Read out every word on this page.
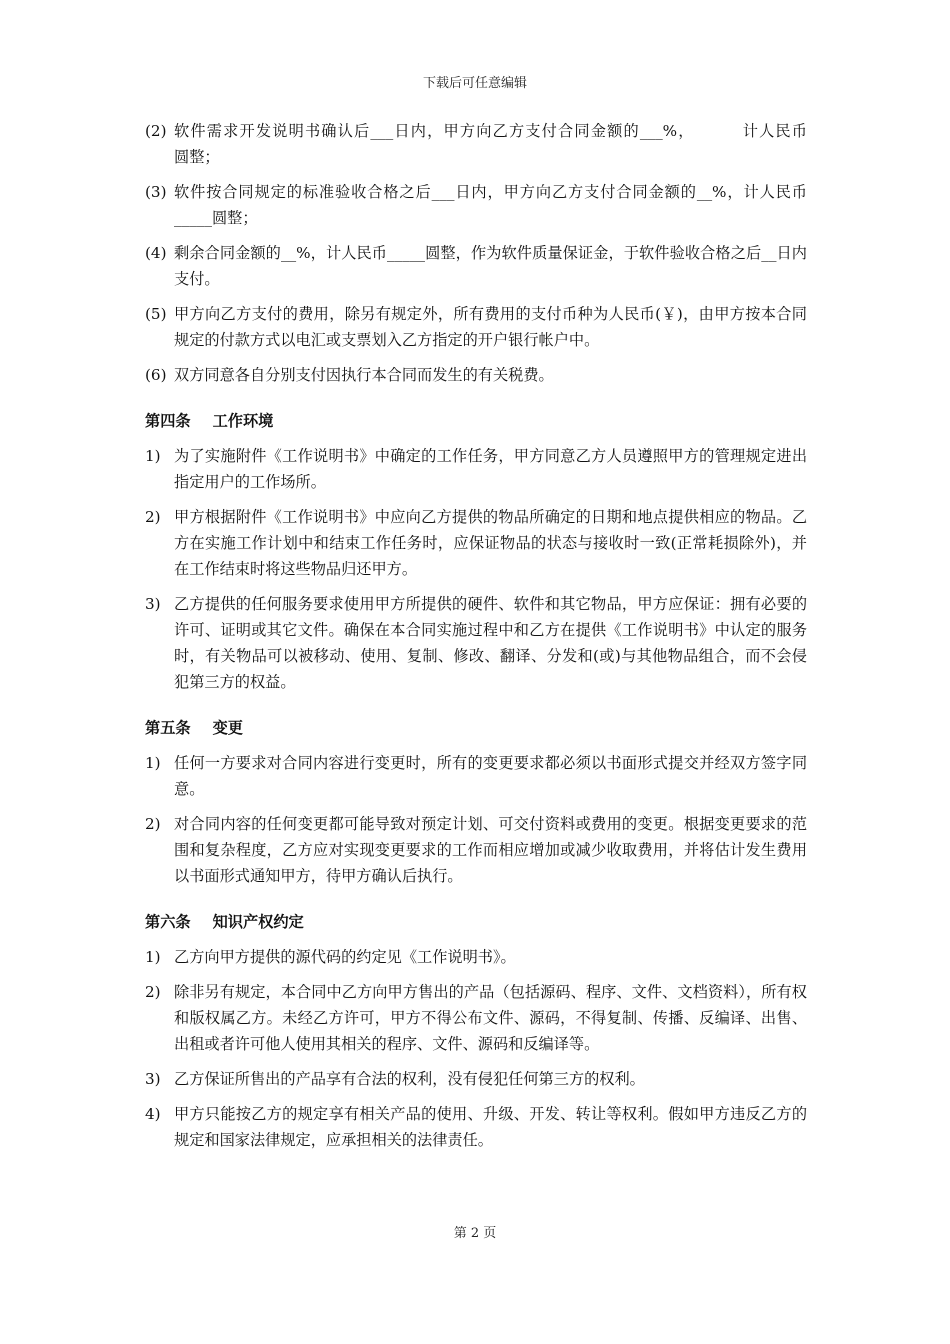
下载后可任意编辑
(2) 软件需求开发说明书确认后___日内，甲方向乙方支付合同金额的___%，        计人民币        圆整；
(3) 软件按合同规定的标准验收合格之后___日内，甲方向乙方支付合同金额的__%，计人民币_____圆整；
(4) 剩余合同金额的__%，计人民币_____圆整，作为软件质量保证金，于软件验收合格之后__日内支付。
(5) 甲方向乙方支付的费用，除另有规定外，所有费用的支付币种为人民币(￥)，由甲方按本合同规定的付款方式以电汇或支票划入乙方指定的开户银行帐户中。
(6) 双方同意各自分别支付因执行本合同而发生的有关税费。
第四条 工作环境
1) 为了实施附件《工作说明书》中确定的工作任务，甲方同意乙方人员遵照甲方的管理规定进出指定用户的工作场所。
2) 甲方根据附件《工作说明书》中应向乙方提供的物品所确定的日期和地点提供相应的物品。乙方在实施工作计划中和结束工作任务时，应保证物品的状态与接收时一致(正常耗损除外)，并在工作结束时将这些物品归还甲方。
3) 乙方提供的任何服务要求使用甲方所提供的硬件、软件和其它物品，甲方应保证：拥有必要的许可、证明或其它文件。确保在本合同实施过程中和乙方在提供《工作说明书》中认定的服务时，有关物品可以被移动、使用、复制、修改、翻译、分发和(或)与其他物品组合，而不会侵犯第三方的权益。
第五条 变更
1) 任何一方要求对合同内容进行变更时，所有的变更要求都必须以书面形式提交并经双方签字同意。
2) 对合同内容的任何变更都可能导致对预定计划、可交付资料或费用的变更。根据变更要求的范围和复杂程度，乙方应对实现变更要求的工作而相应增加或减少收取费用，并将估计发生费用以书面形式通知甲方，待甲方确认后执行。
第六条 知识产权约定
1) 乙方向甲方提供的源代码的约定见《工作说明书》。
2) 除非另有规定，本合同中乙方向甲方售出的产品（包括源码、程序、文件、文档资料），所有权和版权属乙方。未经乙方许可，甲方不得公布文件、源码，不得复制、传播、反编译、出售、出租或者许可他人使用其相关的程序、文件、源码和反编译等。
3) 乙方保证所售出的产品享有合法的权利，没有侵犯任何第三方的权利。
4) 甲方只能按乙方的规定享有相关产品的使用、升级、开发、转让等权利。假如甲方违反乙方的规定和国家法律规定，应承担相关的法律责任。
第 2 页
